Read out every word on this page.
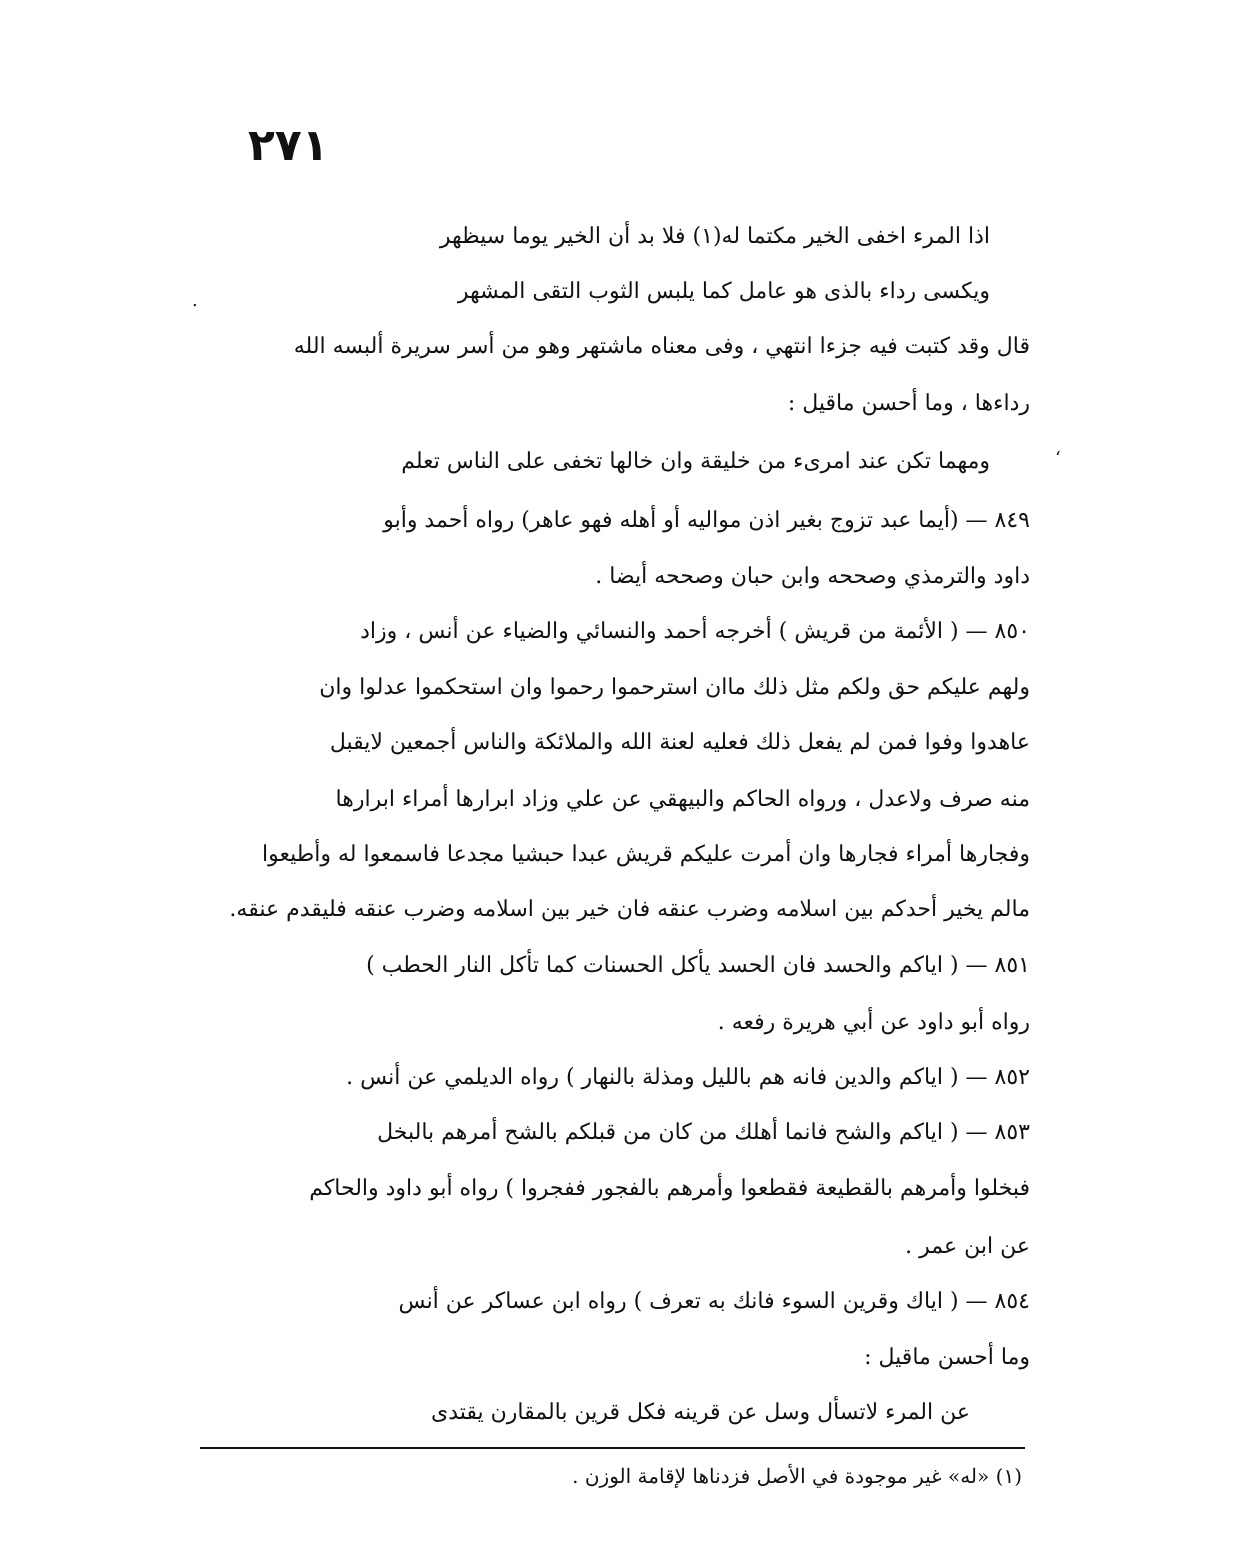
٢٧١
اذا المرء اخفى الخير مكتما له(١) فلا بد أن الخير يوما سيظهر
ويكسى رداء بالذى هو عامل كما يلبس الثوب التقى المشهر
قال وقد كتبت فيه جزءا انتهي ، وفى معناه ماشتهر وهو من أسر سريرة ألبسه الله
رداءها ، وما أحسن ماقيل :
ومهما تكن عند امرىء من خليقة وان خالها تخفى على الناس تعلم
٨٤٩ — (أيما عبد تزوج بغير اذن مواليه أو أهله فهو عاهر) رواه أحمد وأبو
داود والترمذي وصححه وابن حبان وصححه أيضا .
٨٥٠ — ( الأئمة من قريش ) أخرجه أحمد والنسائي والضياء عن أنس ، وزاد
ولهم عليكم حق ولكم مثل ذلك ماان استرحموا رحموا وان استحكموا عدلوا وان
عاهدوا وفوا فمن لم يفعل ذلك فعليه لعنة الله والملائكة والناس أجمعين لايقبل
منه صرف ولاعدل ، ورواه الحاكم والبيهقي عن علي وزاد ابرارها أمراء ابرارها
وفجارها أمراء فجارها وان أمرت عليكم قريش عبدا حبشيا مجدعا فاسمعوا له وأطيعوا
مالم يخير أحدكم بين اسلامه وضرب عنقه فان خير بين اسلامه وضرب عنقه فليقدم عنقه.
٨٥١ — ( اياكم والحسد فان الحسد يأكل الحسنات كما تأكل النار الحطب )
رواه أبو داود عن أبي هريرة رفعه .
٨٥٢ — ( اياكم والدين فانه هم بالليل ومذلة بالنهار ) رواه الديلمي عن أنس .
٨٥٣ — ( اياكم والشح فانما أهلك من كان من قبلكم بالشح أمرهم بالبخل
فبخلوا وأمرهم بالقطيعة فقطعوا وأمرهم بالفجور ففجروا ) رواه أبو داود والحاكم
عن ابن عمر .
٨٥٤ — ( اياك وقرين السوء فانك به تعرف ) رواه ابن عساكر عن أنس
وما أحسن ماقيل :
عن المرء لاتسأل وسل عن قرينه فكل قرين بالمقارن يقتدى
.
‘
(١) «له» غير موجودة في الأصل فزدناها لإقامة الوزن .
